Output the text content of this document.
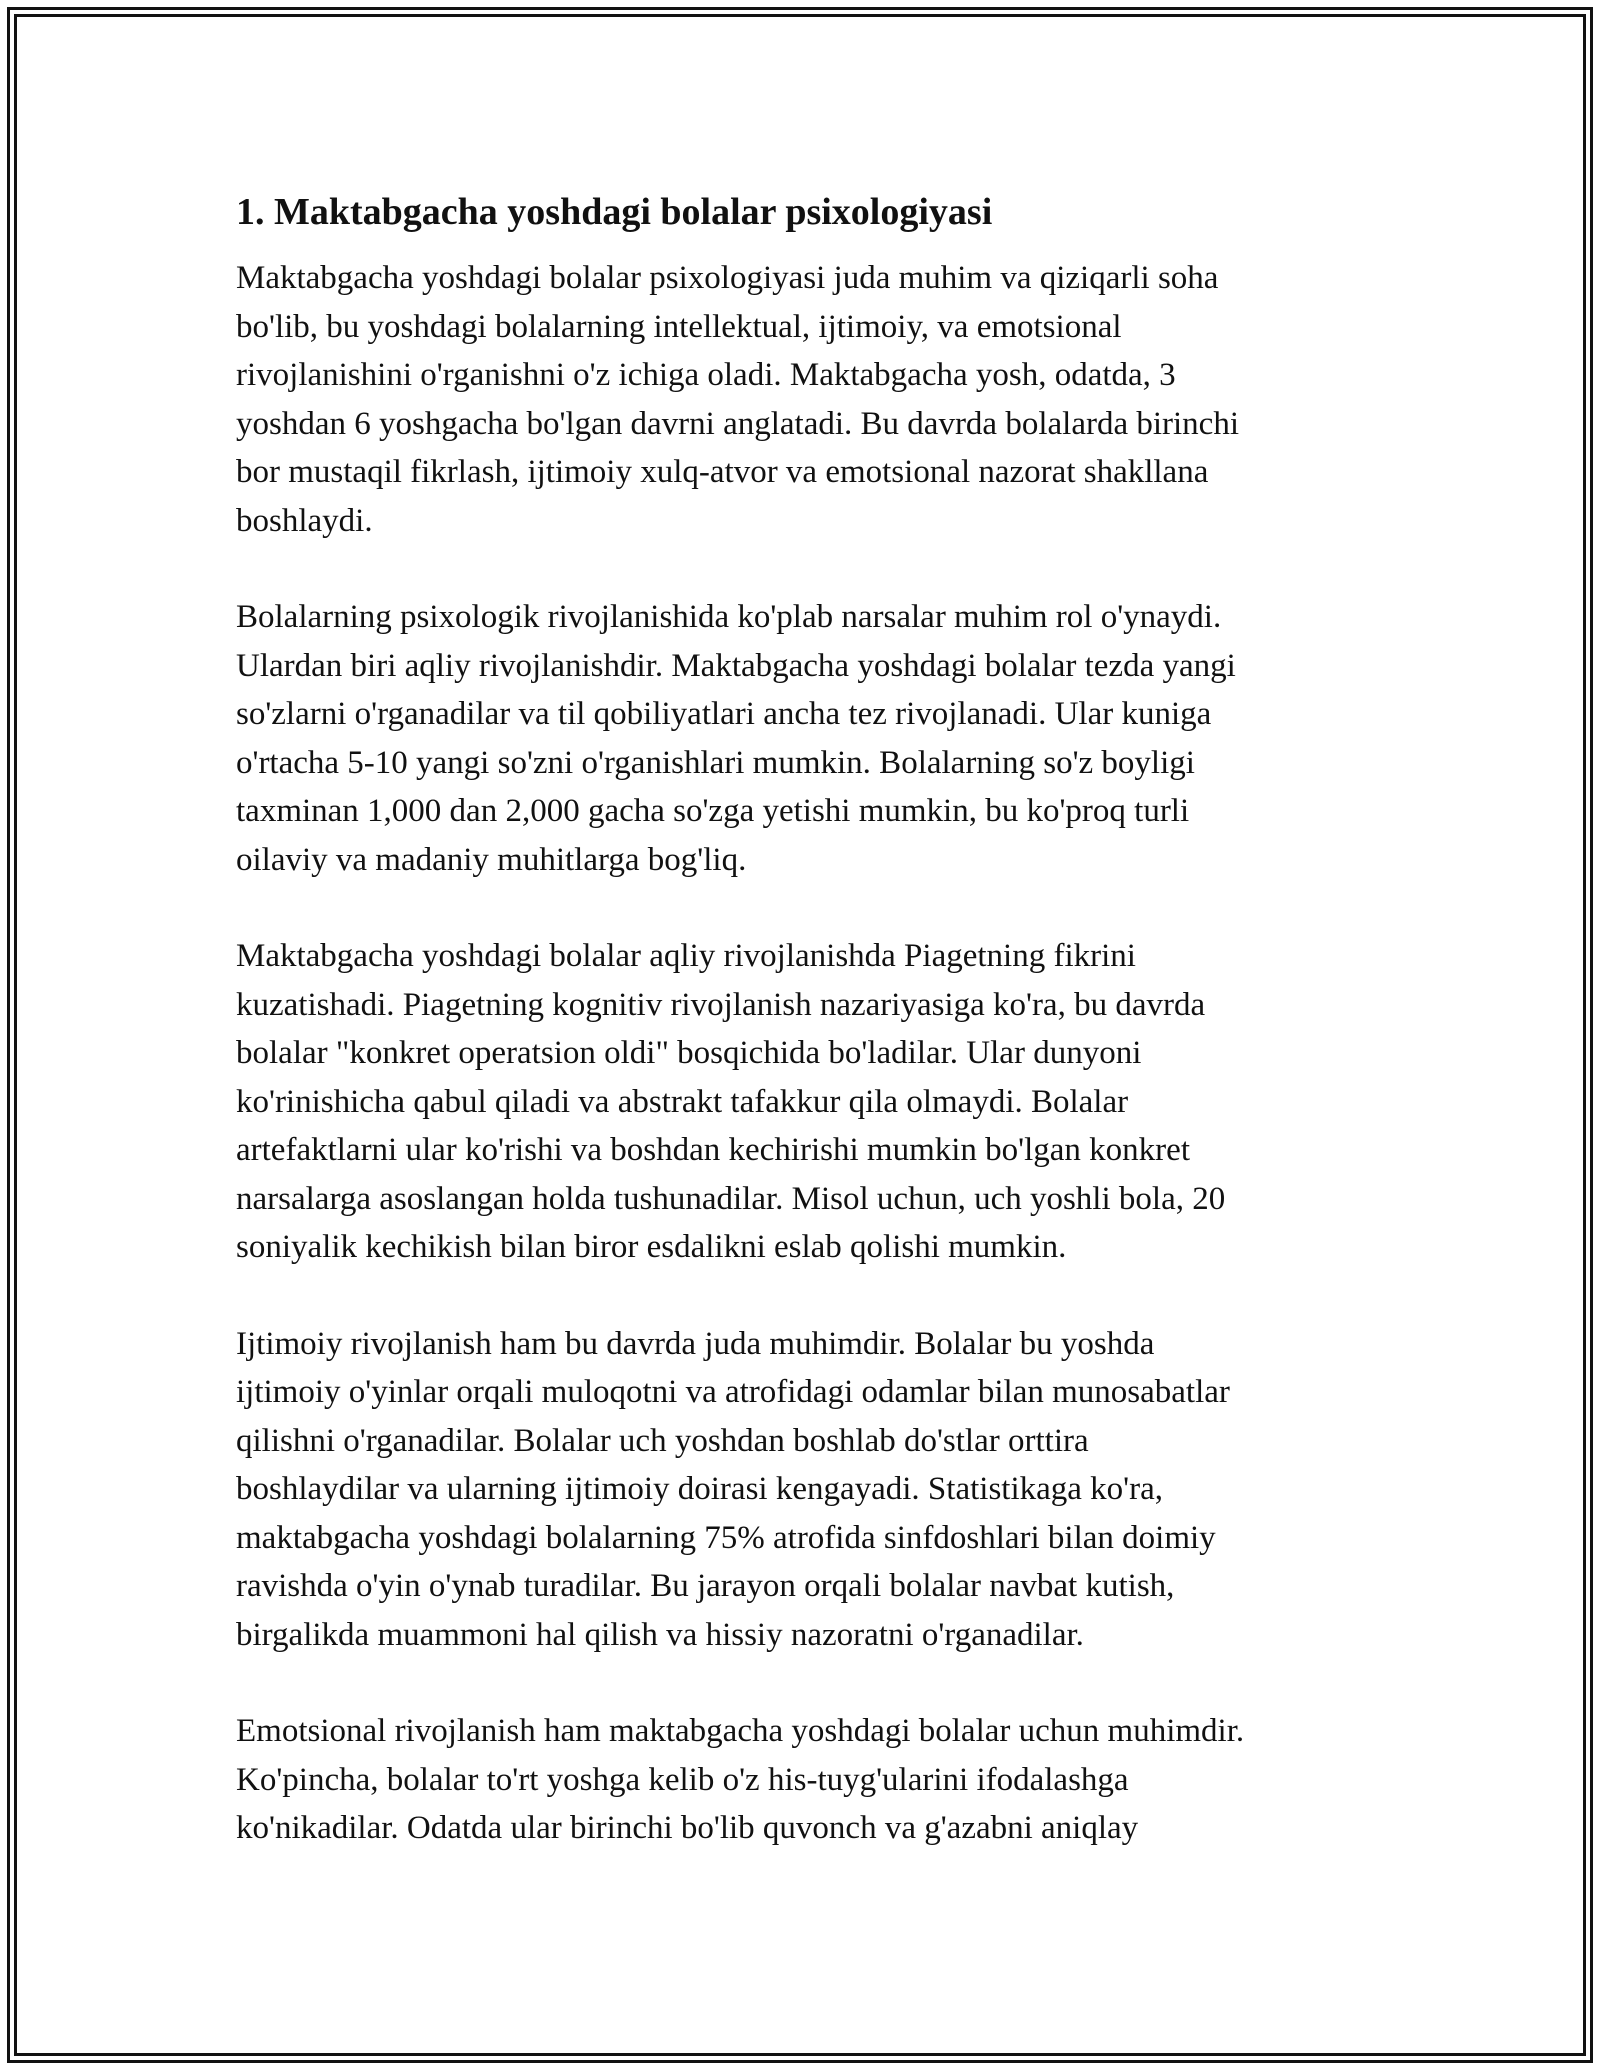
1. Maktabgacha yoshdagi bolalar psixologiyasi

Maktabgacha yoshdagi bolalar psixologiyasi juda muhim va qiziqarli soha
bo'lib, bu yoshdagi bolalarning intellektual, ijtimoiy, va emotsional
rivojlanishini o'rganishni o'z ichiga oladi. Maktabgacha yosh, odatda, 3
yoshdan 6 yoshgacha bo'lgan davrni anglatadi. Bu davrda bolalarda birinchi
bor mustaqil fikrlash, ijtimoiy xulq-atvor va emotsional nazorat shakllana
boshlaydi.

Bolalarning psixologik rivojlanishida ko'plab narsalar muhim rol o'ynaydi.
Ulardan biri aqliy rivojlanishdir. Maktabgacha yoshdagi bolalar tezda yangi
so'zlarni o'rganadilar va til qobiliyatlari ancha tez rivojlanadi. Ular kuniga
o'rtacha 5-10 yangi so'zni o'rganishlari mumkin. Bolalarning so'z boyligi
taxminan 1,000 dan 2,000 gacha so'zga yetishi mumkin, bu ko'proq turli
oilaviy va madaniy muhitlarga bog'liq.

Maktabgacha yoshdagi bolalar aqliy rivojlanishda Piagetning fikrini
kuzatishadi. Piagetning kognitiv rivojlanish nazariyasiga ko'ra, bu davrda
bolalar "konkret operatsion oldi" bosqichida bo'ladilar. Ular dunyoni
ko'rinishicha qabul qiladi va abstrakt tafakkur qila olmaydi. Bolalar
artefaktlarni ular ko'rishi va boshdan kechirishi mumkin bo'lgan konkret
narsalarga asoslangan holda tushunadilar. Misol uchun, uch yoshli bola, 20
soniyalik kechikish bilan biror esdalikni eslab qolishi mumkin.

Ijtimoiy rivojlanish ham bu davrda juda muhimdir. Bolalar bu yoshda
ijtimoiy o'yinlar orqali muloqotni va atrofidagi odamlar bilan munosabatlar
qilishni o'rganadilar. Bolalar uch yoshdan boshlab do'stlar orttira
boshlaydilar va ularning ijtimoiy doirasi kengayadi. Statistikaga ko'ra,
maktabgacha yoshdagi bolalarning 75% atrofida sinfdoshlari bilan doimiy
ravishda o'yin o'ynab turadilar. Bu jarayon orqali bolalar navbat kutish,
birgalikda muammoni hal qilish va hissiy nazoratni o'rganadilar.

Emotsional rivojlanish ham maktabgacha yoshdagi bolalar uchun muhimdir.
Ko'pincha, bolalar to'rt yoshga kelib o'z his-tuyg'ularini ifodalashga
ko'nikadilar. Odatda ular birinchi bo'lib quvonch va g'azabni aniqlay
